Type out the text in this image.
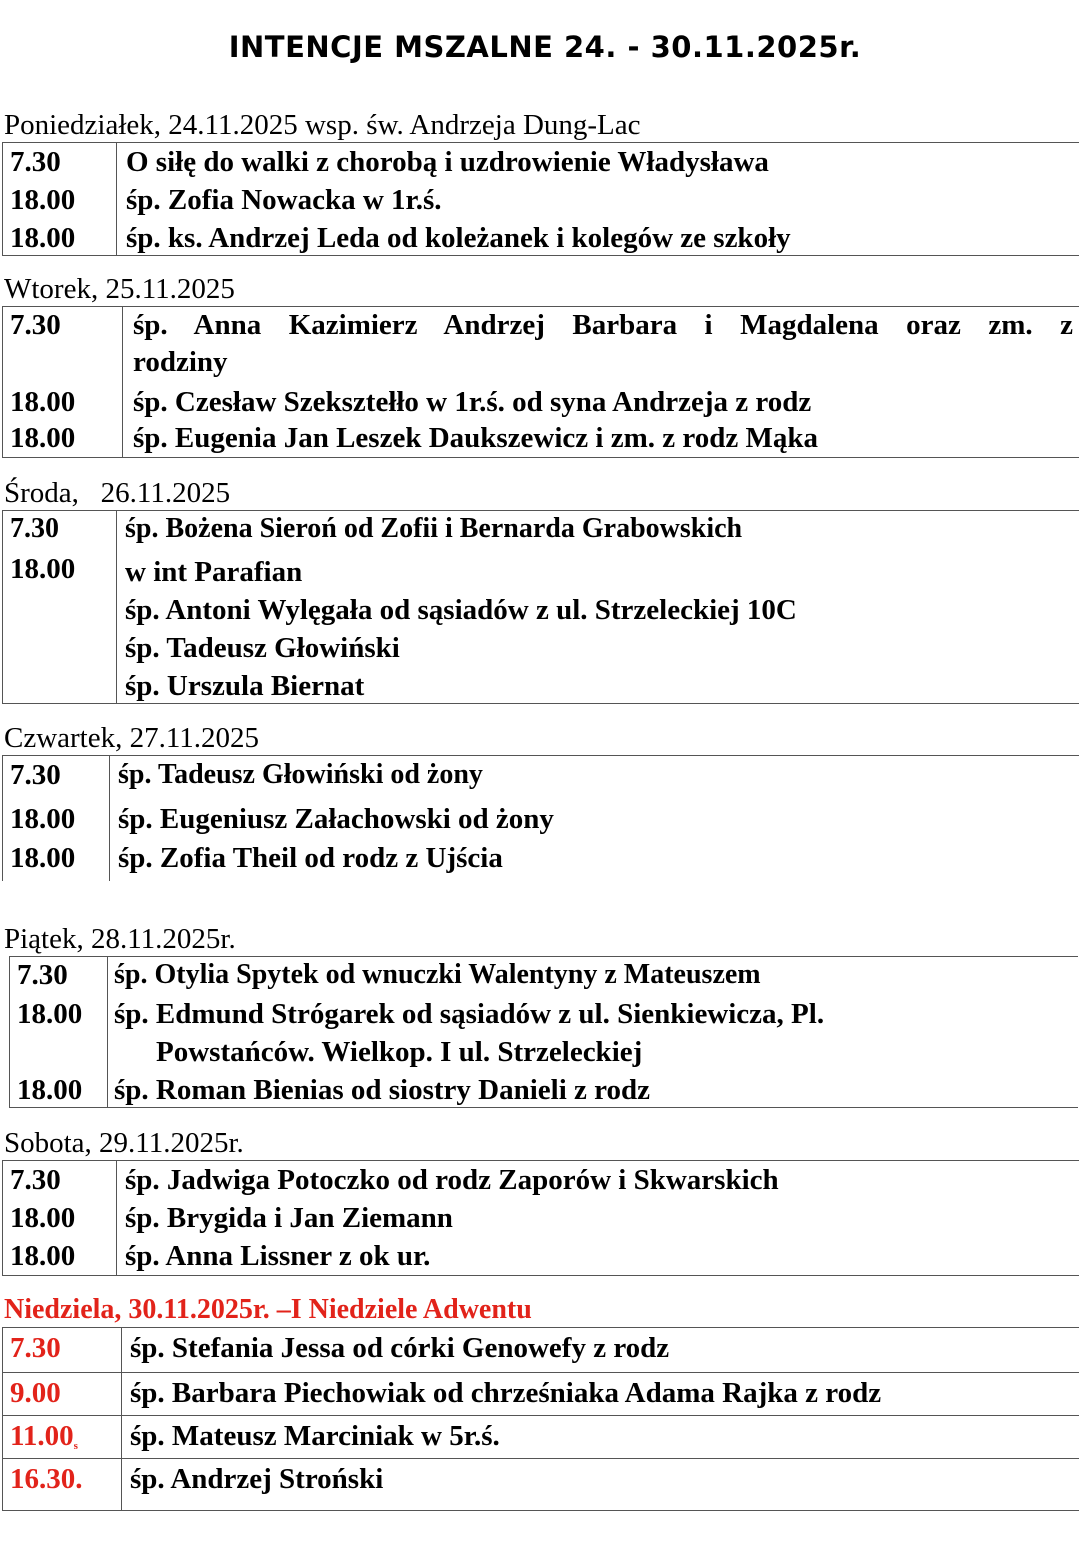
INTENCJE MSZALNE 24. - 30.11.2025r.
Poniedziałek, 24.11.2025 wsp. św. Andrzeja Dung-Lac
7.30	O siłę do walki z chorobą i uzdrowienie Władysława
18.00	śp. Zofia Nowacka w 1r.ś.
18.00	śp. ks. Andrzej Leda od koleżanek i kolegów ze szkoły
Wtorek, 25.11.2025
7.30	śp. Anna Kazimierz Andrzej Barbara i Magdalena oraz zm. z
rodziny
18.00	śp. Czesław Szeksztełło w 1r.ś. od syna Andrzeja z rodz
18.00	śp. Eugenia Jan Leszek Daukszewicz i zm. z rodz Mąka
Środa,   26.11.2025
7.30	śp. Bożena Sieroń od Zofii i Bernarda Grabowskich
18.00	w int Parafian
śp. Antoni Wylęgała od sąsiadów z ul. Strzeleckiej 10C
śp. Tadeusz Głowiński
śp. Urszula Biernat
Czwartek, 27.11.2025
7.30	śp. Tadeusz Głowiński od żony
18.00	śp. Eugeniusz Załachowski od żony
18.00	śp. Zofia Theil od rodz z Ujścia
Piątek, 28.11.2025r.
7.30	śp. Otylia Spytek od wnuczki Walentyny z Mateuszem
18.00	śp. Edmund Strógarek od sąsiadów z ul. Sienkiewicza, Pl.
Powstańców. Wielkop. I ul. Strzeleckiej
18.00	śp. Roman Bienias od siostry Danieli z rodz
Sobota, 29.11.2025r.
7.30	śp. Jadwiga Potoczko od rodz Zaporów i Skwarskich
18.00	śp. Brygida i Jan Ziemann
18.00	śp. Anna Lissner z ok ur.
Niedziela, 30.11.2025r. –I Niedziele Adwentu
7.30	śp. Stefania Jessa od córki Genowefy z rodz
9.00	śp. Barbara Piechowiak od chrześniaka Adama Rajka z rodz
11.00s	śp. Mateusz Marciniak w 5r.ś.
16.30.	śp. Andrzej Stroński
